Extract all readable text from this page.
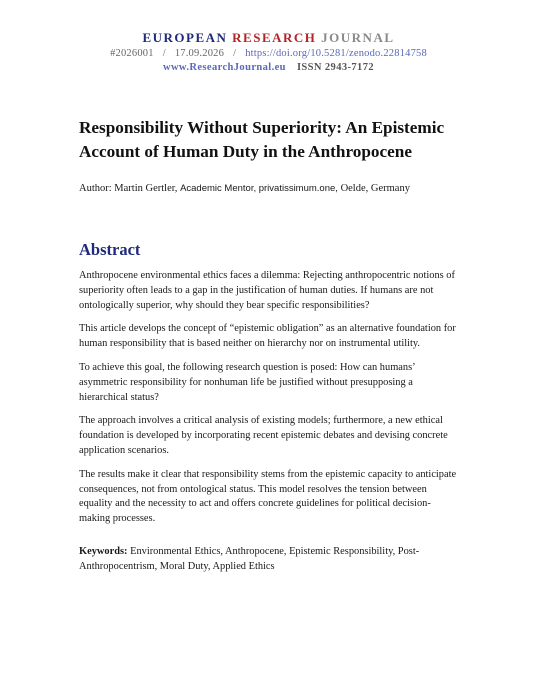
EUROPEAN RESEARCH JOURNAL
#2026001 / 17.09.2026 / https://doi.org/10.5281/zenodo.22814758
www.ResearchJournal.eu ISSN 2943-7172
Responsibility Without Superiority: An Epistemic Account of Human Duty in the Anthropocene
Author: Martin Gertler, Academic Mentor, privatissimum.one, Oelde, Germany
Abstract

Anthropocene environmental ethics faces a dilemma: Rejecting anthropocentric notions of superiority often leads to a gap in the justification of human duties. If humans are not ontologically superior, why should they bear specific responsibilities?

This article develops the concept of “epistemic obligation” as an alternative foundation for human responsibility that is based neither on hierarchy nor on instrumental utility.

To achieve this goal, the following research question is posed: How can humans’ asymmetric responsibility for nonhuman life be justified without presupposing a hierarchical status?

The approach involves a critical analysis of existing models; furthermore, a new ethical foundation is developed by incorporating recent epistemic debates and devising concrete application scenarios.

The results make it clear that responsibility stems from the epistemic capacity to anticipate consequences, not from ontological status. This model resolves the tension between equality and the necessity to act and offers concrete guidelines for political decision-making processes.

Keywords: Environmental Ethics, Anthropocene, Epistemic Responsibility, Post-Anthropocentrism, Moral Duty, Applied Ethics
